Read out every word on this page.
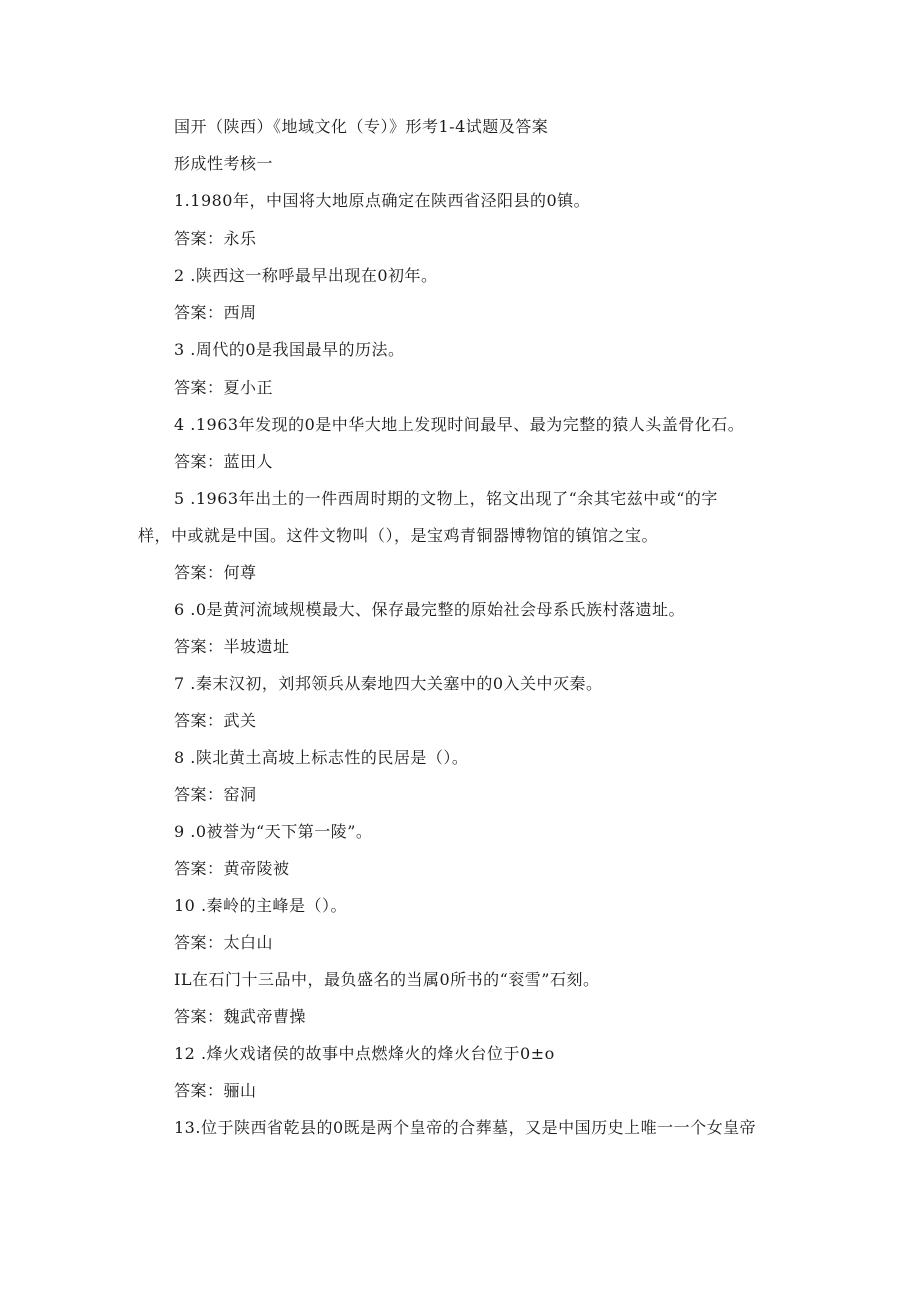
国开（陕西）《地域文化（专）》形考1-4试题及答案
形成性考核一
1.1980年，中国将大地原点确定在陕西省泾阳县的0镇。
答案：永乐
2 .陕西这一称呼最早出现在0初年。
答案：西周
3 .周代的0是我国最早的历法。
答案：夏小正
4 .1963年发现的0是中华大地上发现时间最早、最为完整的猿人头盖骨化石。
答案：蓝田人
5 .1963年出土的一件西周时期的文物上，铭文出现了“余其宅兹中或“的字
样，中或就是中国。这件文物叫（），是宝鸡青铜器博物馆的镇馆之宝。
答案：何尊
6 .0是黄河流域规模最大、保存最完整的原始社会母系氏族村落遗址。
答案：半坡遗址
7 .秦末汉初，刘邦领兵从秦地四大关塞中的0入关中灭秦。
答案：武关
8 .陕北黄土高坡上标志性的民居是（）。
答案：窑洞
9 .0被誉为“天下第一陵”。
答案：黄帝陵被
10 .秦岭的主峰是（）。
答案：太白山
IL在石门十三品中，最负盛名的当属0所书的“衮雪”石刻。
答案：魏武帝曹操
12 .烽火戏诸侯的故事中点燃烽火的烽火台位于0±o
答案：骊山
13.位于陕西省乾县的0既是两个皇帝的合葬墓，又是中国历史上唯一一个女皇帝
